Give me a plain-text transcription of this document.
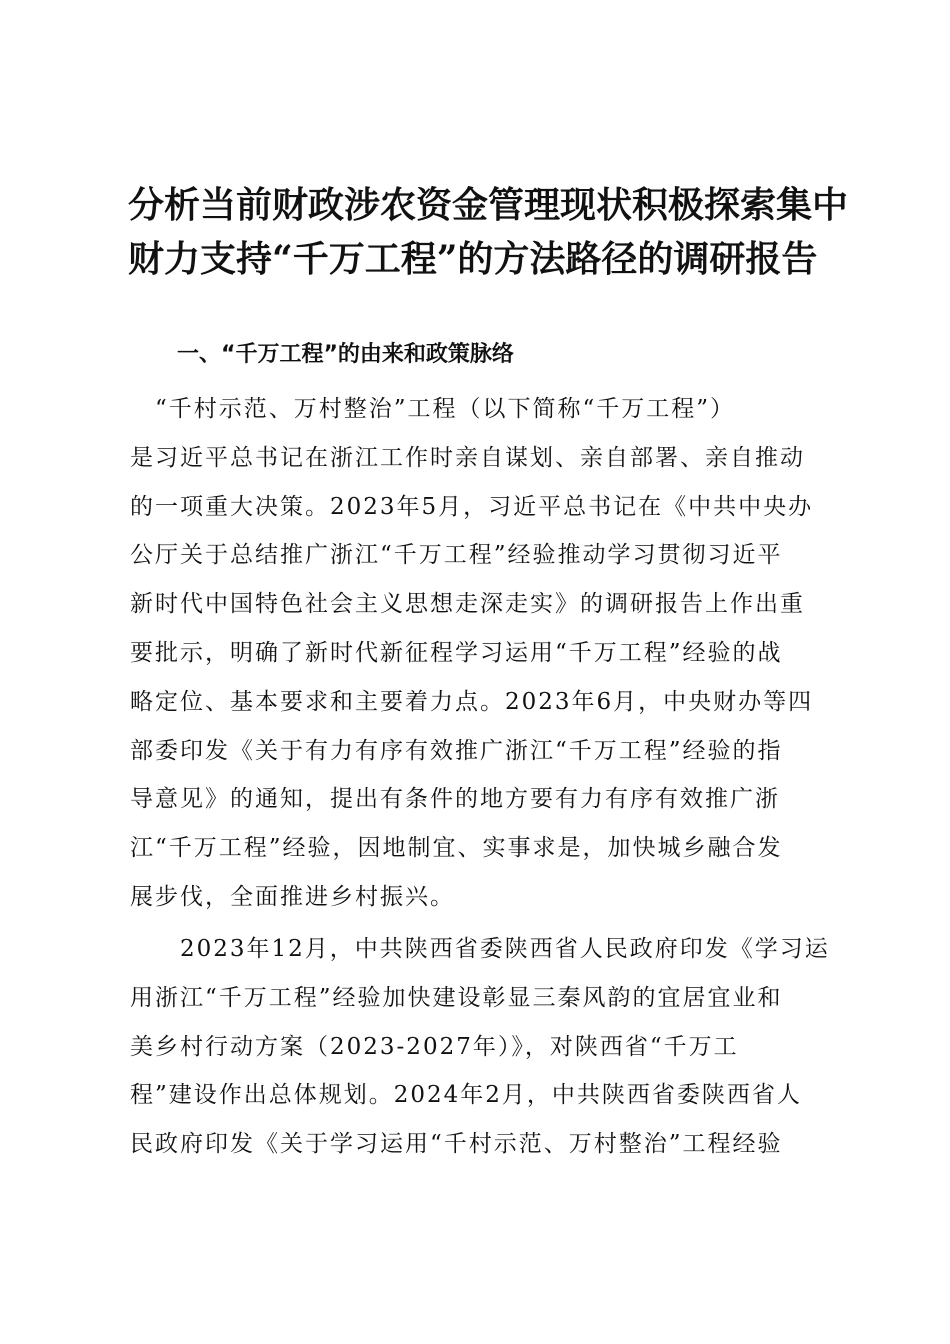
分析当前财政涉农资金管理现状积极探索集中
财力支持“千万工程”的方法路径的调研报告
一、“千万工程”的由来和政策脉络
　“千村示范、万村整治”工程（以下简称“千万工程”）
是习近平总书记在浙江工作时亲自谋划、亲自部署、亲自推动
的一项重大决策。2023年5月，习近平总书记在《中共中央办
公厅关于总结推广浙江“千万工程”经验推动学习贯彻习近平
新时代中国特色社会主义思想走深走实》的调研报告上作出重
要批示，明确了新时代新征程学习运用“千万工程”经验的战
略定位、基本要求和主要着力点。2023年6月，中央财办等四
部委印发《关于有力有序有效推广浙江“千万工程”经验的指
导意见》的通知，提出有条件的地方要有力有序有效推广浙
江“千万工程”经验，因地制宜、实事求是，加快城乡融合发
展步伐，全面推进乡村振兴。
　　2023年12月，中共陕西省委陕西省人民政府印发《学习运
用浙江“千万工程”经验加快建设彰显三秦风韵的宜居宜业和
美乡村行动方案（2023-2027年）》，对陕西省“千万工
程”建设作出总体规划。2024年2月，中共陕西省委陕西省人
民政府印发《关于学习运用“千村示范、万村整治”工程经验
